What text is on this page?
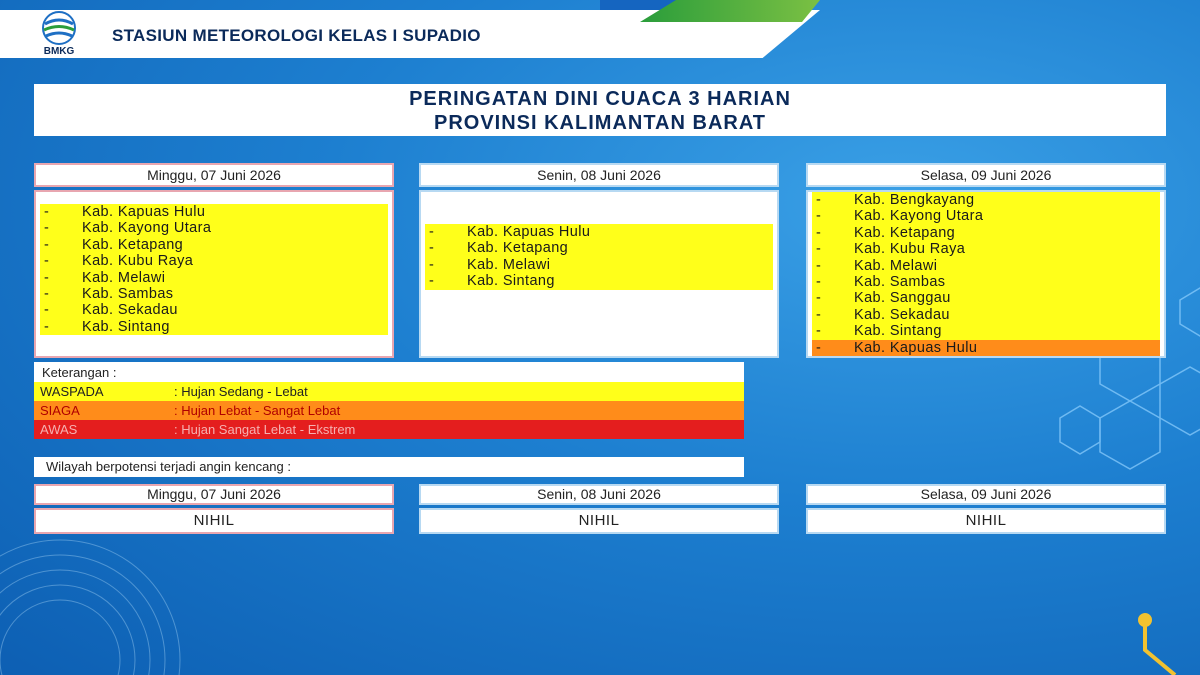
BMKG
STASIUN METEOROLOGI KELAS I SUPADIO
PERINGATAN DINI CUACA 3 HARIAN
PROVINSI KALIMANTAN BARAT
Minggu, 07 Juni 2026
- Kab. Kapuas Hulu
- Kab. Kayong Utara
- Kab. Ketapang
- Kab. Kubu Raya
- Kab. Melawi
- Kab. Sambas
- Kab. Sekadau
- Kab. Sintang
Senin, 08 Juni 2026
- Kab. Kapuas Hulu
- Kab. Ketapang
- Kab. Melawi
- Kab. Sintang
Selasa, 09 Juni 2026
- Kab. Bengkayang
- Kab. Kayong Utara
- Kab. Ketapang
- Kab. Kubu Raya
- Kab. Melawi
- Kab. Sambas
- Kab. Sanggau
- Kab. Sekadau
- Kab. Sintang
- Kab. Kapuas Hulu
Keterangan :
WASPADA	: Hujan Sedang - Lebat
SIAGA	: Hujan Lebat - Sangat Lebat
AWAS	: Hujan Sangat Lebat - Ekstrem
Wilayah berpotensi terjadi angin kencang :
Minggu, 07 Juni 2026
NIHIL
Senin, 08 Juni 2026
NIHIL
Selasa, 09 Juni 2026
NIHIL
